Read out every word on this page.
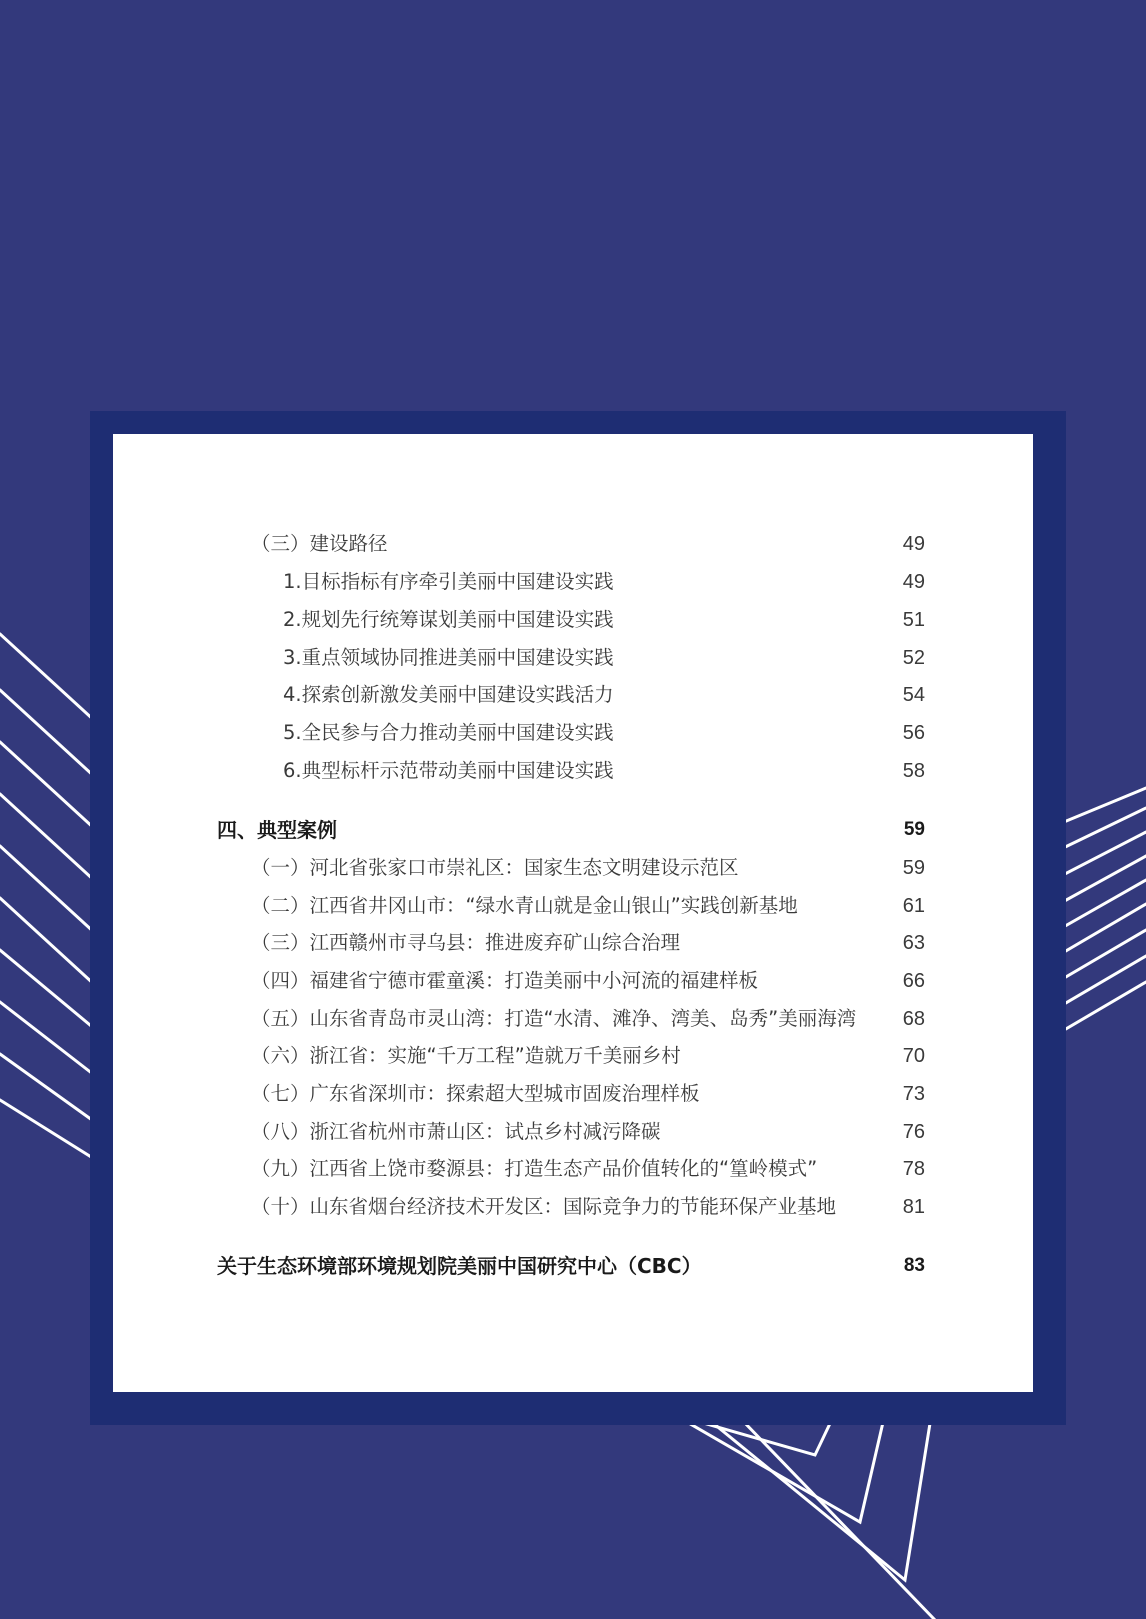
（三）建设路径	49
1.目标指标有序牵引美丽中国建设实践	49
2.规划先行统筹谋划美丽中国建设实践	51
3.重点领域协同推进美丽中国建设实践	52
4.探索创新激发美丽中国建设实践活力	54
5.全民参与合力推动美丽中国建设实践	56
6.典型标杆示范带动美丽中国建设实践	58
四、典型案例	59
（一）河北省张家口市崇礼区：国家生态文明建设示范区	59
（二）江西省井冈山市：“绿水青山就是金山银山”实践创新基地	61
（三）江西赣州市寻乌县：推进废弃矿山综合治理	63
（四）福建省宁德市霍童溪：打造美丽中小河流的福建样板	66
（五）山东省青岛市灵山湾：打造“水清、滩净、湾美、岛秀”美丽海湾	68
（六）浙江省：实施“千万工程”造就万千美丽乡村	70
（七）广东省深圳市：探索超大型城市固废治理样板	73
（八）浙江省杭州市萧山区：试点乡村减污降碳	76
（九）江西省上饶市婺源县：打造生态产品价值转化的“篁岭模式”	78
（十）山东省烟台经济技术开发区：国际竞争力的节能环保产业基地	81
关于生态环境部环境规划院美丽中国研究中心（CBC）	83
